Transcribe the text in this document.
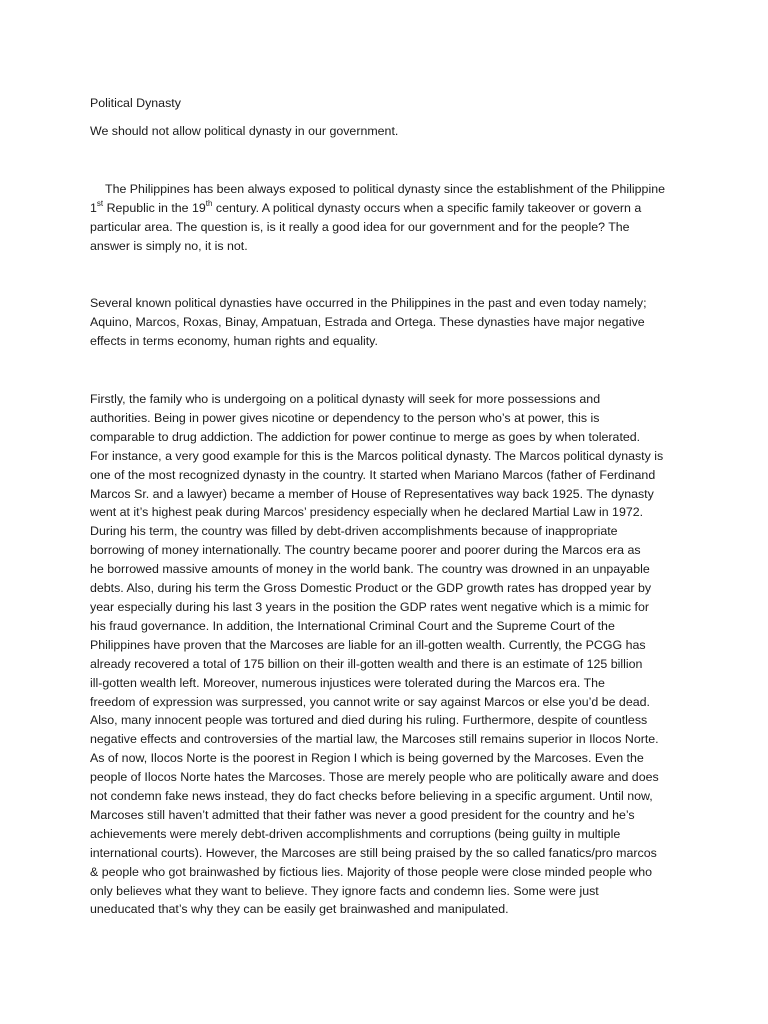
Political Dynasty
We should not allow political dynasty in our government.
The Philippines has been always exposed to political dynasty since the establishment of the Philippine
1st Republic in the 19th century. A political dynasty occurs when a specific family takeover or govern a
particular area. The question is, is it really a good idea for our government and for the people? The
answer is simply no, it is not.
Several known political dynasties have occurred in the Philippines in the past and even today namely;
Aquino, Marcos, Roxas, Binay, Ampatuan, Estrada and Ortega. These dynasties have major negative
effects in terms economy, human rights and equality.
Firstly, the family who is undergoing on a political dynasty will seek for more possessions and
authorities. Being in power gives nicotine or dependency to the person who’s at power, this is
comparable to drug addiction. The addiction for power continue to merge as goes by when tolerated.
For instance, a very good example for this is the Marcos political dynasty. The Marcos political dynasty is
one of the most recognized dynasty in the country. It started when Mariano Marcos (father of Ferdinand
Marcos Sr. and a lawyer) became a member of House of Representatives way back 1925. The dynasty
went at it’s highest peak during Marcos’ presidency especially when he declared Martial Law in 1972.
During his term, the country was filled by debt-driven accomplishments because of inappropriate
borrowing of money internationally. The country became poorer and poorer during the Marcos era as
he borrowed massive amounts of money in the world bank. The country was drowned in an unpayable
debts. Also, during his term the Gross Domestic Product or the GDP growth rates has dropped year by
year especially during his last 3 years in the position the GDP rates went negative which is a mimic for
his fraud governance. In addition, the International Criminal Court and the Supreme Court of the
Philippines have proven that the Marcoses are liable for an ill-gotten wealth. Currently, the PCGG has
already recovered a total of 175 billion on their ill-gotten wealth and there is an estimate of 125 billion
ill-gotten wealth left. Moreover, numerous injustices were tolerated during the Marcos era. The
freedom of expression was surpressed, you cannot write or say against Marcos or else you’d be dead.
Also, many innocent people was tortured and died during his ruling. Furthermore, despite of countless
negative effects and controversies of the martial law, the Marcoses still remains superior in Ilocos Norte.
As of now, Ilocos Norte is the poorest in Region I which is being governed by the Marcoses. Even the
people of Ilocos Norte hates the Marcoses. Those are merely people who are politically aware and does
not condemn fake news instead, they do fact checks before believing in a specific argument. Until now,
Marcoses still haven’t admitted that their father was never a good president for the country and he’s
achievements were merely debt-driven accomplishments and corruptions (being guilty in multiple
international courts). However, the Marcoses are still being praised by the so called fanatics/pro marcos
& people who got brainwashed by fictious lies. Majority of those people were close minded people who
only believes what they want to believe. They ignore facts and condemn lies. Some were just
uneducated that’s why they can be easily get brainwashed and manipulated.
